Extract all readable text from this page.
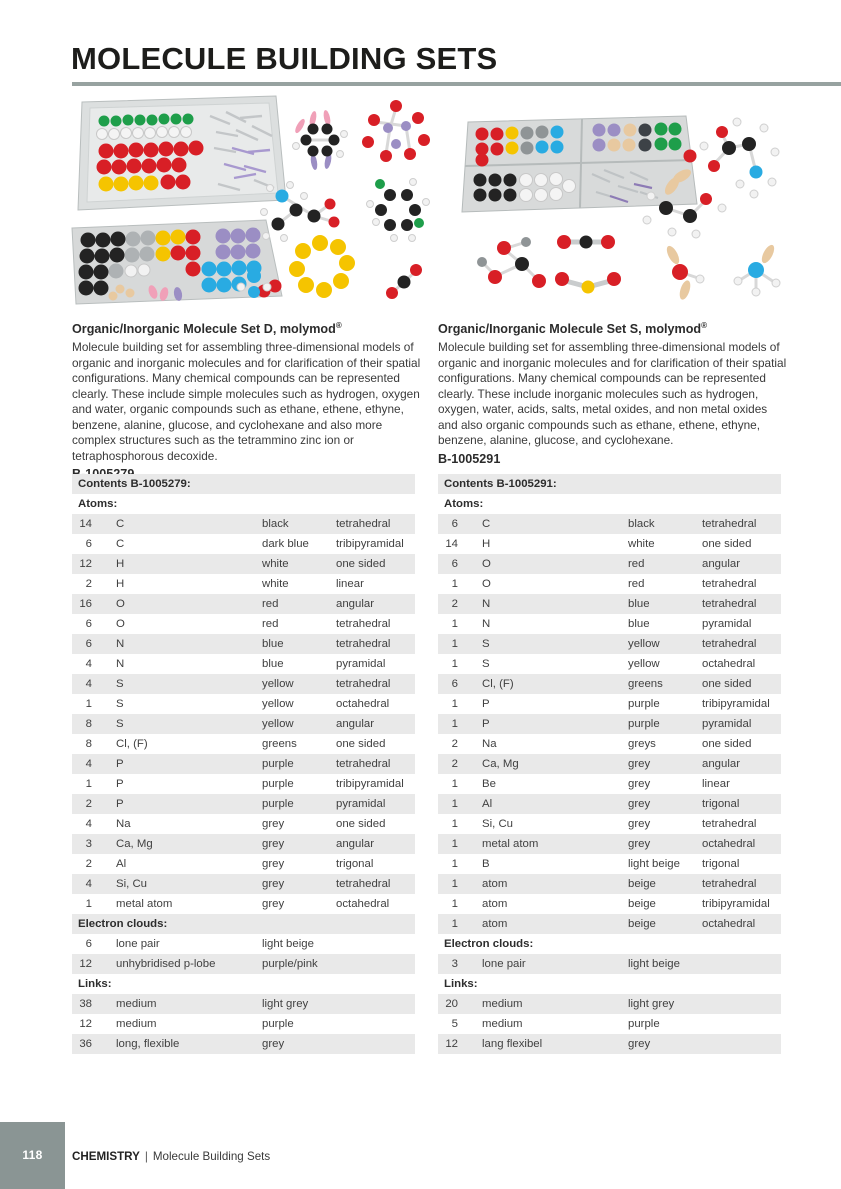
MOLECULE BUILDING SETS
Organic/Inorganic Molecule Set D, molymod®

Molecule building set for assembling three-dimensional models of organic and inorganic molecules and for clarification of their spatial configurations. Many chemical compounds can be represented clearly. These include simple molecules such as hydrogen, oxygen and water, organic compounds such as ethane, ethene, ethyne, benzene, alanine, glucose, and cyclohexane and also more complex structures such as the tetrammino zinc ion or tetraphosphorous decoxide.

Organic/Inorganic Molecule Set S, molymod®

Molecule building set for assembling three-dimensional models of organic and inorganic molecules and for clarification of their spatial configurations. Many chemical compounds can be represented clearly. These include inorganic molecules such as hydrogen, oxygen, water, acids, salts, metal oxides, and non metal oxides and also organic compounds such as ethane, ethene, ethyne, benzene, alanine, glucose, and cyclohexane.

B-1005291
Contents B-1005279:
Atoms:
14	C	black	tetrahedral
6	C	dark blue	tribipyramidal
12	H	white	one sided
2	H	white	linear
16	O	red	angular
6	O	red	tetrahedral
6	N	blue	tetrahedral
4	N	blue	pyramidal
4	S	yellow	tetrahedral
1	S	yellow	octahedral
8	S	yellow	angular
8	Cl, (F)	greens	one sided
4	P	purple	tetrahedral
1	P	purple	tribipyramidal
2	P	purple	pyramidal
4	Na	grey	one sided
3	Ca, Mg	grey	angular
2	Al	grey	trigonal
4	Si, Cu	grey	tetrahedral
1	metal atom	grey	octahedral
Electron clouds:
6	lone pair	light beige
12	unhybridised p-lobe	purple/pink
Links:
38	medium	light grey
12	medium	purple
36	long, flexible	grey
Contents B-1005291:
Atoms:
6	C	black	tetrahedral
14	H	white	one sided
6	O	red	angular
1	O	red	tetrahedral
2	N	blue	tetrahedral
1	N	blue	pyramidal
1	S	yellow	tetrahedral
1	S	yellow	octahedral
6	Cl, (F)	greens	one sided
1	P	purple	tribipyramidal
1	P	purple	pyramidal
2	Na	greys	one sided
2	Ca, Mg	grey	angular
1	Be	grey	linear
1	Al	grey	trigonal
1	Si, Cu	grey	tetrahedral
1	metal atom	grey	octahedral
1	B	light beige	trigonal
1	atom	beige	tetrahedral
1	atom	beige	tribipyramidal
1	atom	beige	octahedral
Electron clouds:
3	lone pair	light beige
Links:
20	medium	light grey
5	medium	purple
12	lang flexibel	grey
118	CHEMISTRY | Molecule Building Sets
